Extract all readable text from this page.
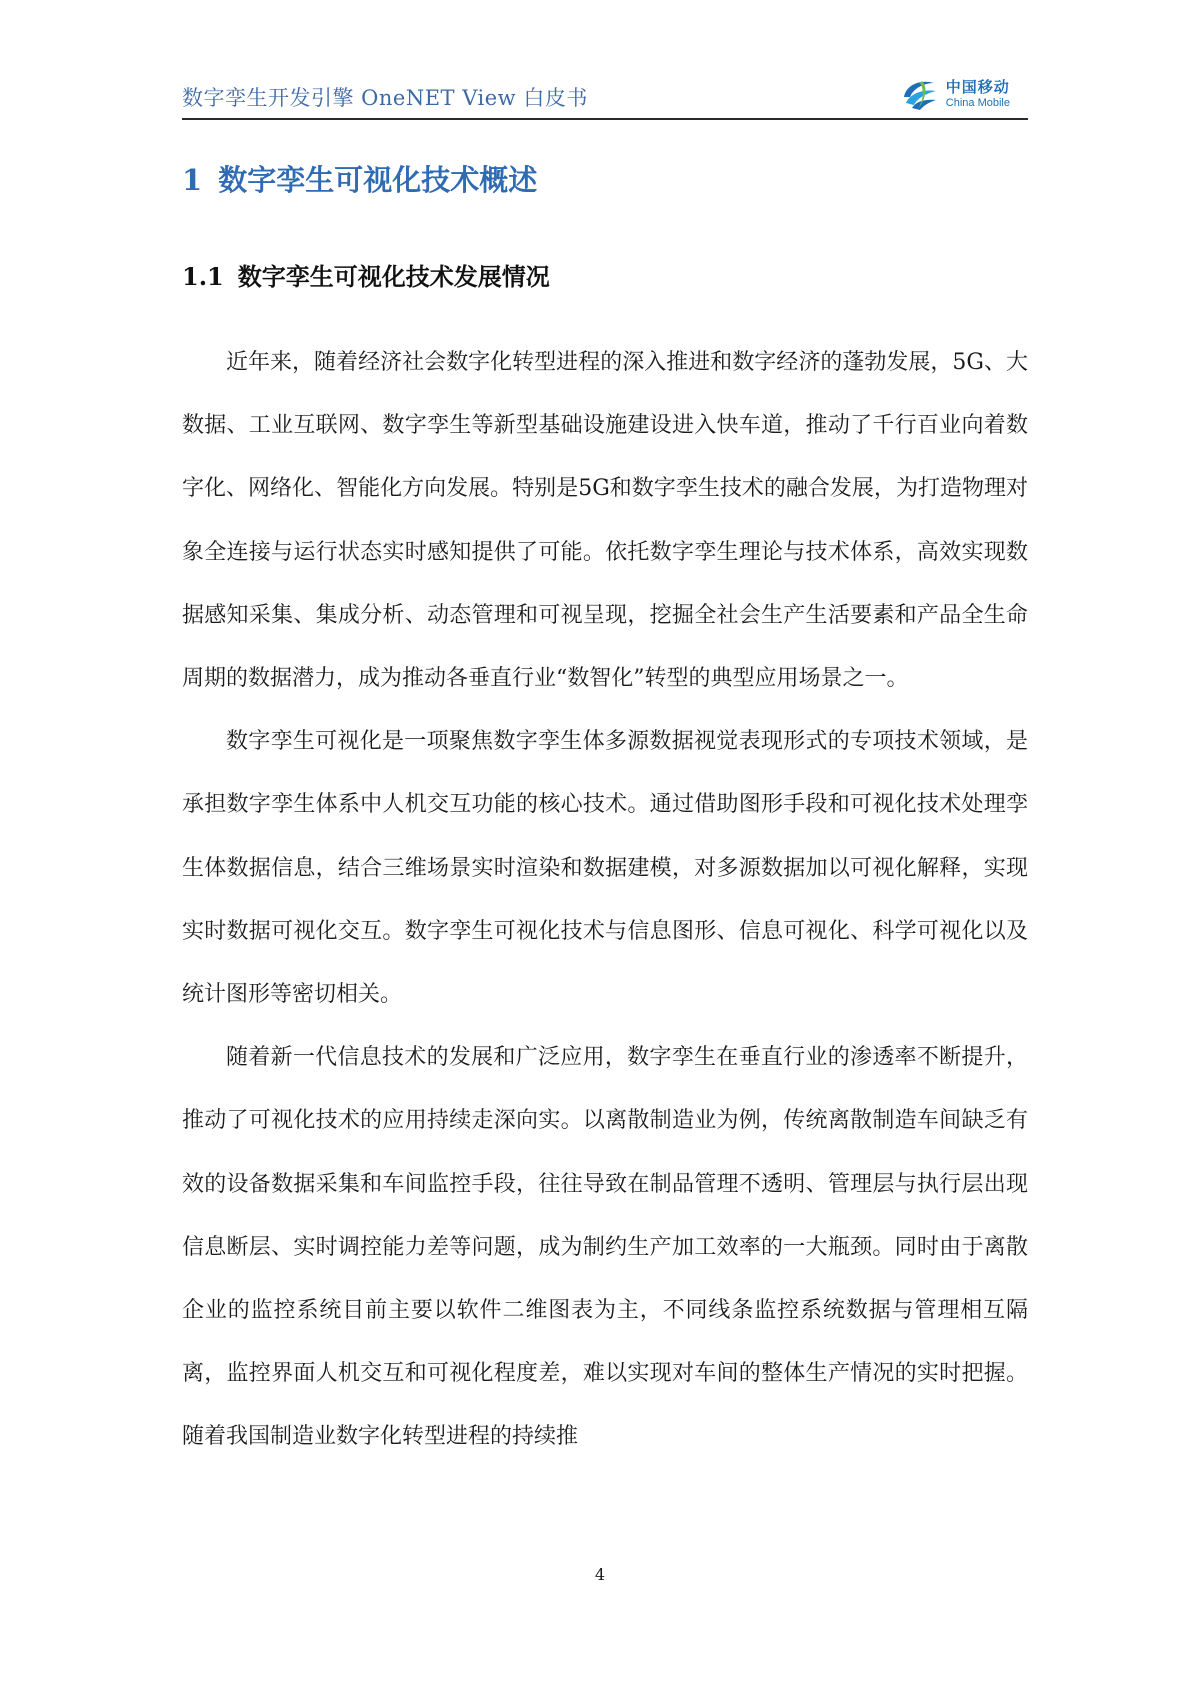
数字孪生开发引擎 OneNET View 白皮书	中国移动
China Mobile
1 数字孪生可视化技术概述
1.1 数字孪生可视化技术发展情况

近年来，随着经济社会数字化转型进程的深入推进和数字经济的蓬勃发展，5G、大数据、工业互联网、数字孪生等新型基础设施建设进入快车道，推动了千行百业向着数字化、网络化、智能化方向发展。特别是5G和数字孪生技术的融合发展，为打造物理对象全连接与运行状态实时感知提供了可能。依托数字孪生理论与技术体系，高效实现数据感知采集、集成分析、动态管理和可视呈现，挖掘全社会生产生活要素和产品全生命周期的数据潜力，成为推动各垂直行业“数智化”转型的典型应用场景之一。

数字孪生可视化是一项聚焦数字孪生体多源数据视觉表现形式的专项技术领域，是承担数字孪生体系中人机交互功能的核心技术。通过借助图形手段和可视化技术处理孪生体数据信息，结合三维场景实时渲染和数据建模，对多源数据加以可视化解释，实现实时数据可视化交互。数字孪生可视化技术与信息图形、信息可视化、科学可视化以及统计图形等密切相关。

随着新一代信息技术的发展和广泛应用，数字孪生在垂直行业的渗透率不断提升，推动了可视化技术的应用持续走深向实。以离散制造业为例，传统离散制造车间缺乏有效的设备数据采集和车间监控手段，往往导致在制品管理不透明、管理层与执行层出现信息断层、实时调控能力差等问题，成为制约生产加工效率的一大瓶颈。同时由于离散企业的监控系统目前主要以软件二维图表为主，不同线条监控系统数据与管理相互隔离，监控界面人机交互和可视化程度差，难以实现对车间的整体生产情况的实时把握。随着我国制造业数字化转型进程的持续推

4
